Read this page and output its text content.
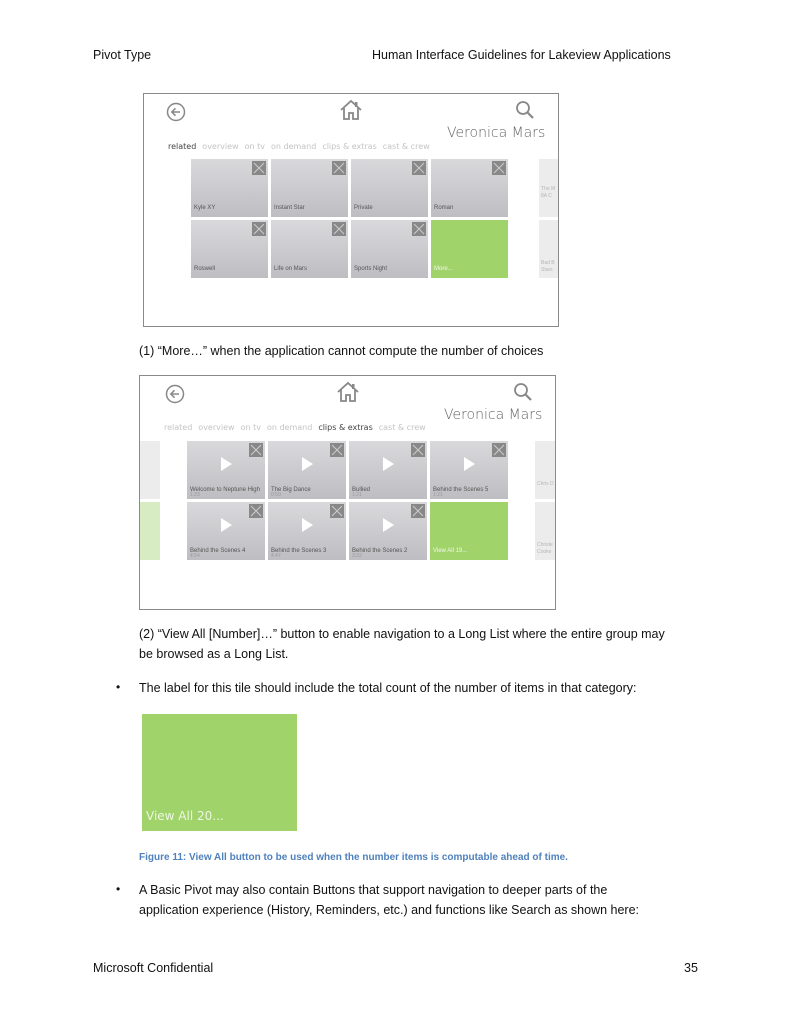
Pivot Type	Human Interface Guidelines for Lakeview Applications
Veronica Mars
related overview on tv on demand clips & extras cast & crew
Kyle XY	Instant Star	Private	Roman
Roswell	Life on Mars	Sports Night	More...
The M
8A C
Bad B
Stars
(1) “More…” when the application cannot compute the number of choices
Veronica Mars
related overview on tv on demand clips & extras cast & crew
Welcome to Neptune High
1:23
The Big Dance
0:50
Bullied
1:21
Behind the Scenes 5
1:21
Behind the Scenes 4
4:54
Behind the Scenes 3
4:47
Behind the Scenes 2
3:32
View All 19...
Chris D
Christe
Cooke
(2) “View All [Number]…” button to enable navigation to a Long List where the entire group may
be browsed as a Long List.
• The label for this tile should include the total count of the number of items in that category:
View All 20...
Figure 11: View All button to be used when the number items is computable ahead of time.
• A Basic Pivot may also contain Buttons that support navigation to deeper parts of the
application experience (History, Reminders, etc.) and functions like Search as shown here:
Microsoft Confidential	35
